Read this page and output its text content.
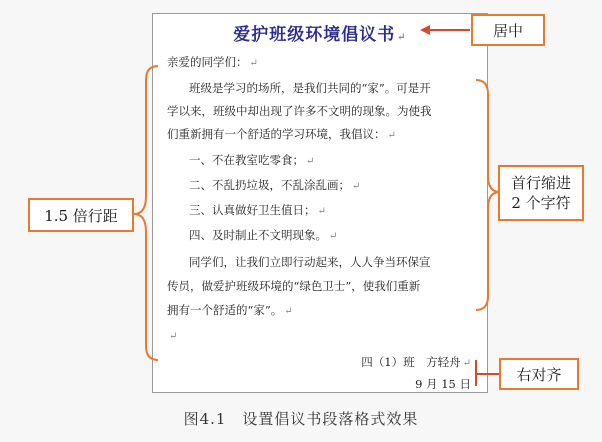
爱护班级环境倡议书 ↵
亲爱的同学们： ↵
班级是学习的场所，是我们共同的“家”。可是开
学以来，班级中却出现了许多不文明的现象。为使我
们重新拥有一个舒适的学习环境，我倡议： ↵
一、不在教室吃零食； ↵
二、不乱扔垃圾，不乱涂乱画； ↵
三、认真做好卫生值日； ↵
四、及时制止不文明现象。 ↵
同学们，让我们立即行动起来，人人争当环保宣
传员，做爱护班级环境的“绿色卫士”，使我们重新
拥有一个舒适的“家”。 ↵
↵
四（1）班　方轻舟 ↵
9 月 15 日
居中
首行缩进
2 个字符
1.5 倍行距
右对齐
图4.1　设置倡议书段落格式效果
